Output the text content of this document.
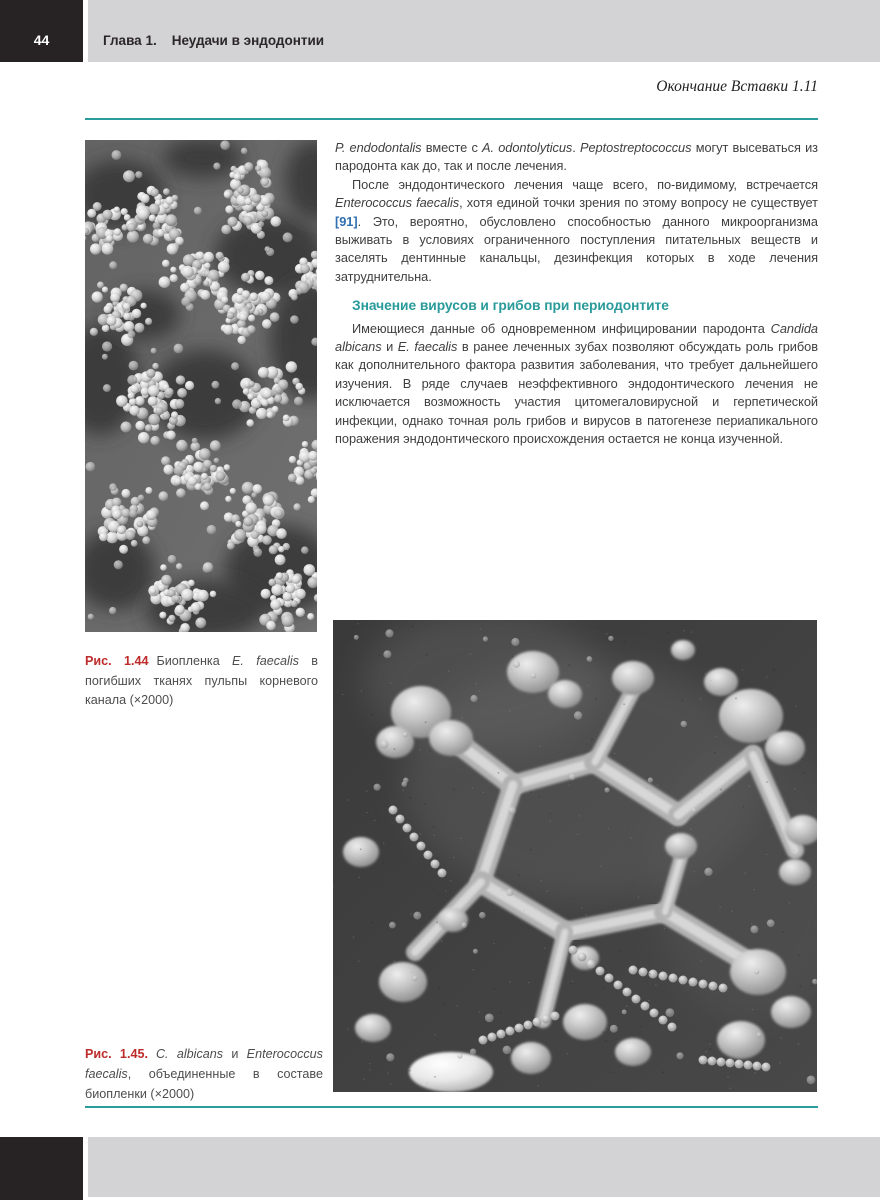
44	Глава 1. Неудачи в эндодонтии
Окончание Вставки 1.11

P. endodontalis вместе с A. odontolyticus. Peptostreptococcus могут высеваться из пародонта как до, так и после лечения.

После эндодонтического лечения чаще всего, по-видимому, встречается Enterococcus faecalis, хотя единой точки зрения по этому вопросу не существует [91]. Это, вероятно, обусловлено способностью данного микроорганизма выживать в условиях ограниченного поступления питательных веществ и заселять дентинные канальцы, дезинфекция которых в ходе лечения затруднительна.

Значение вирусов и грибов при периодонтите

Имеющиеся данные об одновременном инфицировании пародонта Candida albicans и E. faecalis в ранее леченных зубах позволяют обсуждать роль грибов как дополнительного фактора развития заболевания, что требует дальнейшего изучения. В ряде случаев неэффективного эндодонтического лечения не исключается возможность участия цитомегаловирусной и герпетической инфекции, однако точная роль грибов и вирусов в патогенезе периапикального поражения эндодонтического происхождения остается не конца изученной.

Рис. 1.44 Биопленка E. faecalis в погибших тканях пульпы корневого канала (×2000)
Рис. 1.45. C. albicans и Enterococcus faecalis, объединенные в составе биопленки (×2000)
